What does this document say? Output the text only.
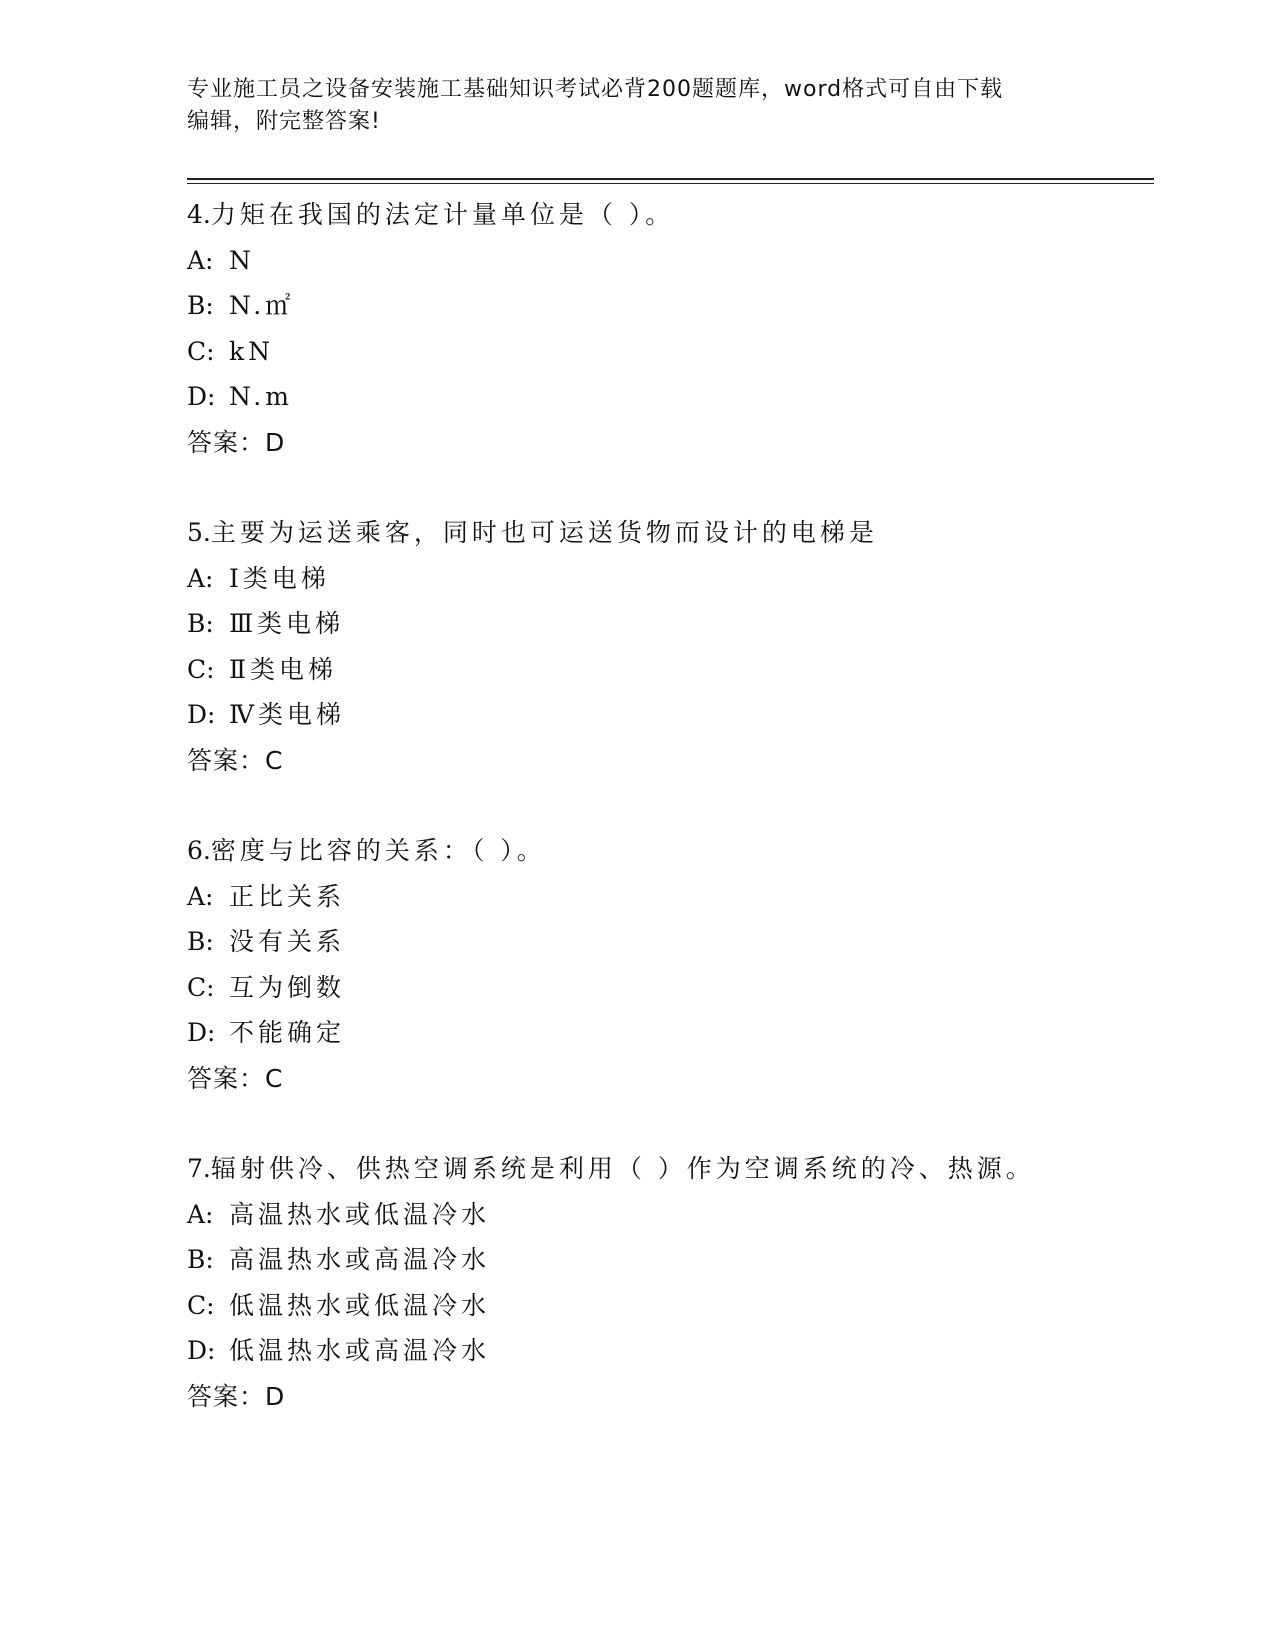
专业施工员之设备安装施工基础知识考试必背200题题库，word格式可自由下载
编辑，附完整答案!
4.力矩在我国的法定计量单位是（ ）。
A: N
B: N.㎡
C: kN
D: N.m
答案：D
5.主要为运送乘客，同时也可运送货物而设计的电梯是
A: Ⅰ类电梯
B: Ⅲ类电梯
C: Ⅱ类电梯
D: Ⅳ类电梯
答案：C
6.密度与比容的关系：（ ）。
A: 正比关系
B: 没有关系
C: 互为倒数
D: 不能确定
答案：C
7.辐射供冷、供热空调系统是利用（ ）作为空调系统的冷、热源。
A: 高温热水或低温冷水
B: 高温热水或高温冷水
C: 低温热水或低温冷水
D: 低温热水或高温冷水
答案：D
